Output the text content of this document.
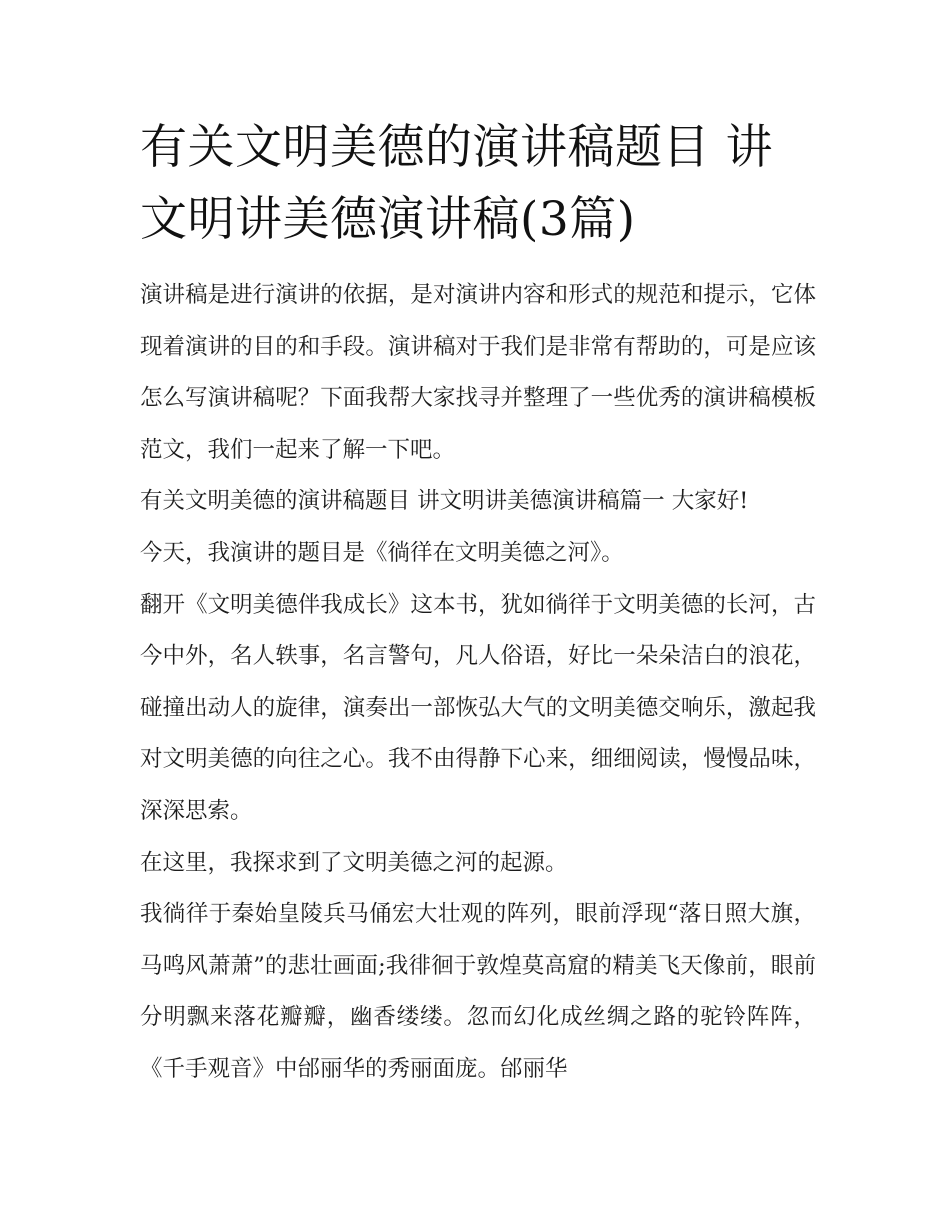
有关文明美德的演讲稿题目 讲文明讲美德演讲稿(3篇)

演讲稿是进行演讲的依据，是对演讲内容和形式的规范和提示，它体现着演讲的目的和手段。演讲稿对于我们是非常有帮助的，可是应该怎么写演讲稿呢？下面我帮大家找寻并整理了一些优秀的演讲稿模板范文，我们一起来了解一下吧。

有关文明美德的演讲稿题目 讲文明讲美德演讲稿篇一 大家好!

今天，我演讲的题目是《徜徉在文明美德之河》。

翻开《文明美德伴我成长》这本书，犹如徜徉于文明美德的长河，古今中外，名人轶事，名言警句，凡人俗语，好比一朵朵洁白的浪花，碰撞出动人的旋律，演奏出一部恢弘大气的文明美德交响乐，激起我对文明美德的向往之心。我不由得静下心来，细细阅读，慢慢品味，深深思索。

在这里，我探求到了文明美德之河的起源。

我徜徉于秦始皇陵兵马俑宏大壮观的阵列，眼前浮现“落日照大旗，马鸣风萧萧”的悲壮画面;我徘徊于敦煌莫高窟的精美飞天像前，眼前分明飘来落花瓣瓣，幽香缕缕。忽而幻化成丝绸之路的驼铃阵阵，《千手观音》中邰丽华的秀丽面庞。邰丽华
